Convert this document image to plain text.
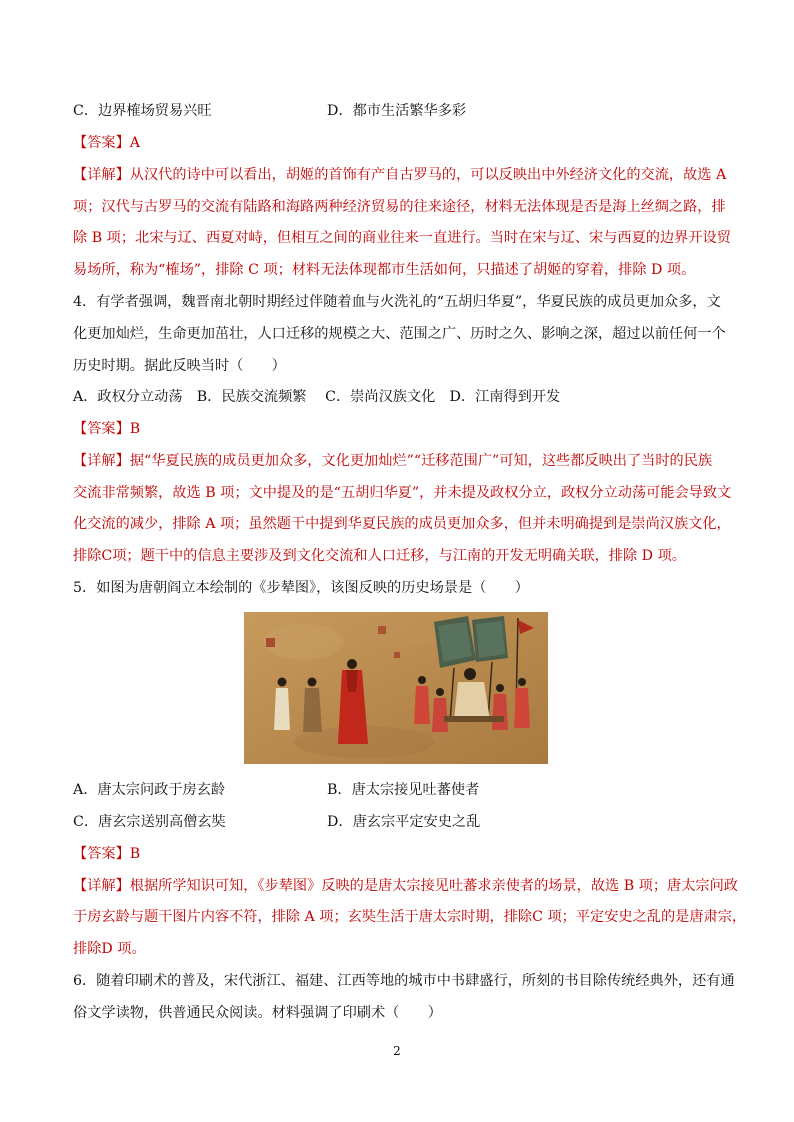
C．边界榷场贸易兴旺	D．都市生活繁华多彩
【答案】A
【详解】从汉代的诗中可以看出，胡姬的首饰有产自古罗马的，可以反映出中外经济文化的交流，故选 A
项；汉代与古罗马的交流有陆路和海路两种经济贸易的往来途径，材料无法体现是否是海上丝绸之路，排
除 B 项；北宋与辽、西夏对峙，但相互之间的商业往来一直进行。当时在宋与辽、宋与西夏的边界开设贸
易场所，称为“榷场”，排除 C 项；材料无法体现都市生活如何，只描述了胡姬的穿着，排除 D 项。
4．有学者强调，魏晋南北朝时期经过伴随着血与火洗礼的“五胡归华夏”，华夏民族的成员更加众多，文
化更加灿烂，生命更加茁壮，人口迁移的规模之大、范围之广、历时之久、影响之深，超过以前任何一个
历史时期。据此反映当时（　　）
A．政权分立动荡　B．民族交流频繁　 C．崇尚汉族文化　D．江南得到开发
【答案】B
【详解】据“华夏民族的成员更加众多，文化更加灿烂”“迁移范围广”可知，这些都反映出了当时的民族
交流非常频繁，故选 B 项；文中提及的是“五胡归华夏”，并未提及政权分立，政权分立动荡可能会导致文
化交流的减少，排除 A 项；虽然题干中提到华夏民族的成员更加众多，但并未明确提到是崇尚汉族文化，
排除C项；题干中的信息主要涉及到文化交流和人口迁移，与江南的开发无明确关联，排除 D 项。
5．如图为唐朝阎立本绘制的《步辇图》，该图反映的历史场景是（　　）
A．唐太宗问政于房玄龄	B．唐太宗接见吐蕃使者
C．唐玄宗送别高僧玄奘	D．唐玄宗平定安史之乱
【答案】B
【详解】根据所学知识可知，《步辇图》反映的是唐太宗接见吐蕃求亲使者的场景，故选 B 项；唐太宗问政
于房玄龄与题干图片内容不符，排除 A 项；玄奘生活于唐太宗时期，排除C 项；平定安史之乱的是唐肃宗，
排除D 项。
6．随着印刷术的普及，宋代浙江、福建、江西等地的城市中书肆盛行，所刻的书目除传统经典外，还有通
俗文学读物，供普通民众阅读。材料强调了印刷术（　　）
2
